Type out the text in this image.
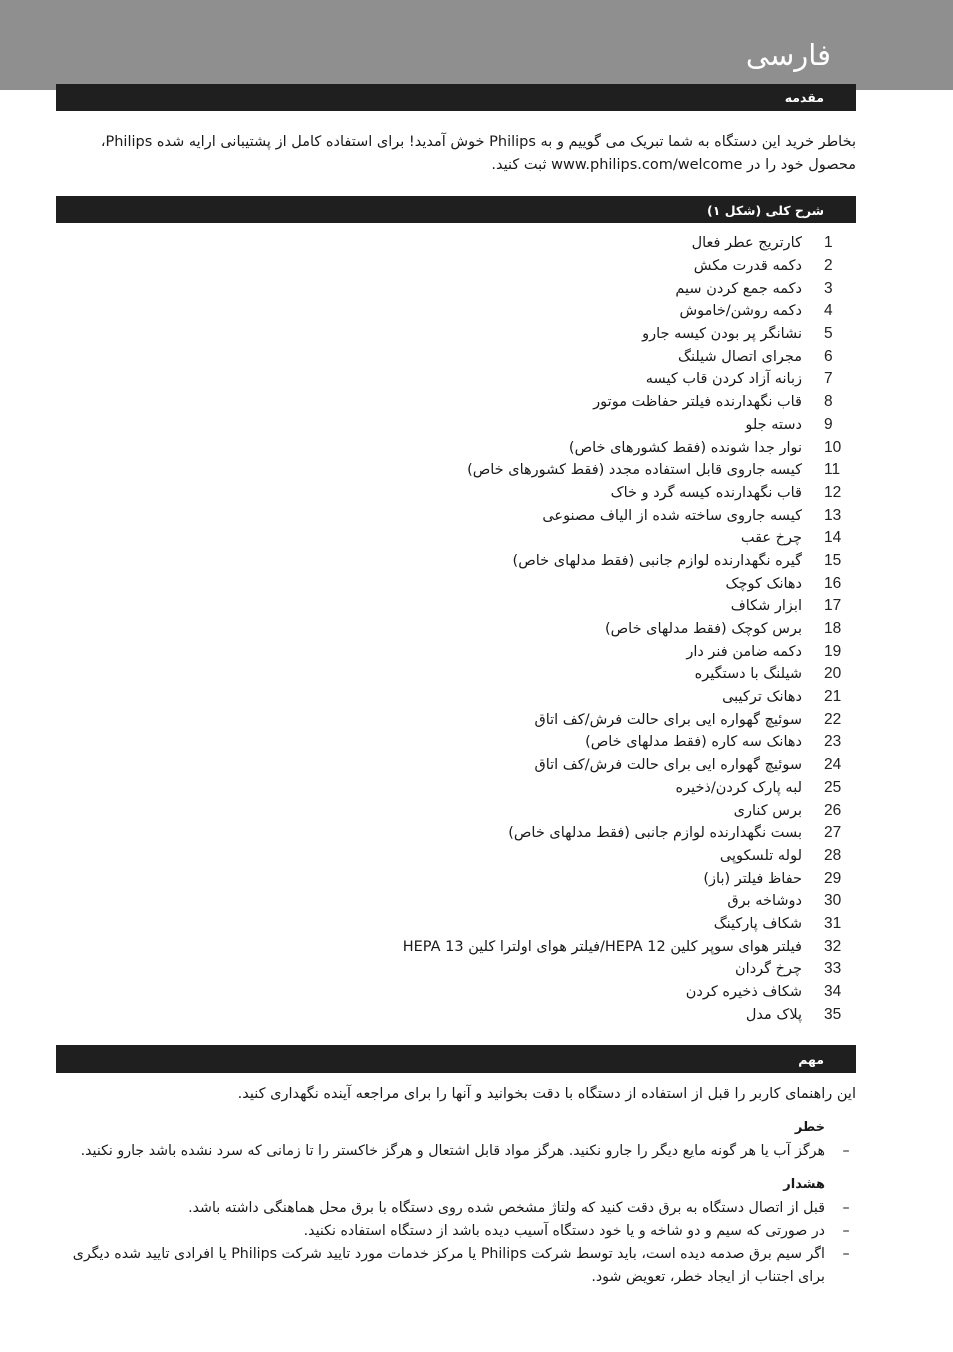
فارسی
مقدمه
بخاطر خرید این دستگاه به شما تبریک می گوییم و به Philips خوش آمدید! برای استفاده کامل از پشتیبانی ارایه شده Philips، محصول خود را در www.philips.com/welcome ثبت کنید.
شرح کلی (شکل ۱)
1
کارتریج عطر فعال
2
دکمه قدرت مکش
3
دکمه جمع کردن سیم
4
دکمه روشن/خاموش
5
نشانگر پر بودن کیسه جارو
6
مجرای اتصال شیلنگ
7
زبانه آزاد کردن قاب کیسه
8
قاب نگهدارنده فیلتر حفاظت موتور
9
دسته جلو
10
نوار جدا شونده (فقط کشورهای خاص)
11
کیسه جاروی قابل استفاده مجدد (فقط کشورهای خاص)
12
قاب نگهدارنده کیسه گرد و خاک
13
کیسه جاروی ساخته شده از الیاف مصنوعی
14
چرخ عقب
15
گیره نگهدارنده لوازم جانبی (فقط مدلهای خاص)
16
دهانک کوچک
17
ابزار شکاف
18
برس کوچک (فقط مدلهای خاص)
19
دکمه ضامن فنر دار
20
شیلنگ با دستگیره
21
دهانک ترکیبی
22
سوئیچ گهواره ایی برای حالت فرش/کف اتاق
23
دهانک سه کاره (فقط مدلهای خاص)
24
سوئیچ گهواره ایی برای حالت فرش/کف اتاق
25
لبه پارک کردن/ذخیره
26
برس کناری
27
بست نگهدارنده لوازم جانبی (فقط مدلهای خاص)
28
لوله تلسکوپی
29
حفاظ فیلتر (باز)
30
دوشاخه برق
31
شکاف پارکینگ
32
فیلتر هوای سوپر کلین HEPA 12/فیلتر هوای اولترا کلین HEPA 13
33
چرخ گردان
34
شکاف ذخیره کردن
35
پلاک مدل
مهم
این راهنمای کاربر را قبل از استفاده از دستگاه با دقت بخوانید و آنها را برای مراجعه آینده نگهداری کنید.
خطر
–
هرگز آب یا هر گونه مایع دیگر را جارو نکنید. هرگز مواد قابل اشتعال و هرگز خاکستر را تا زمانی که سرد نشده باشد جارو نکنید.
هشدار
–
قبل از اتصال دستگاه به برق دقت کنید که ولتاژ مشخص شده روی دستگاه با برق محل هماهنگی داشته باشد.
–
در صورتی که سیم و دو شاخه و یا خود دستگاه آسیب دیده باشد از دستگاه استفاده نکنید.
–
اگر سیم برق صدمه دیده است، باید توسط شرکت Philips یا مرکز خدمات مورد تایید شرکت Philips یا افرادی تایید شده دیگری برای اجتناب از ایجاد خطر، تعویض شود.
